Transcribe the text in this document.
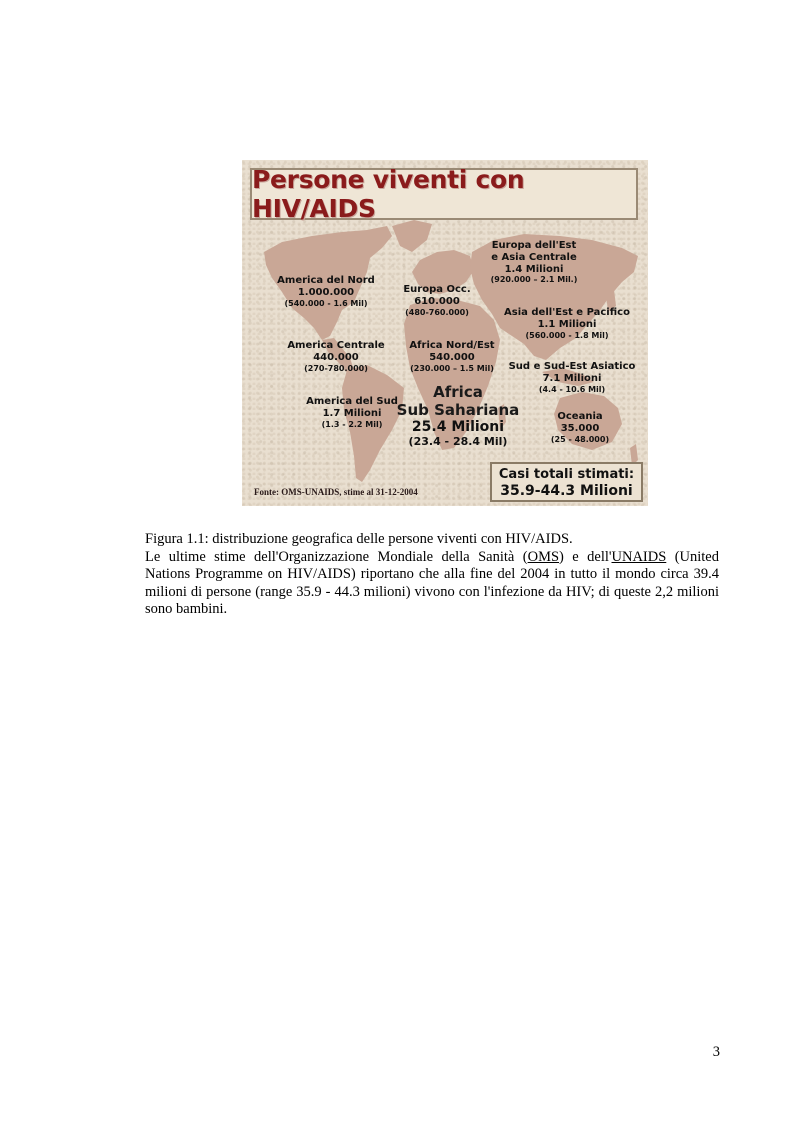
Persone viventi con HIV/AIDS
America del Nord
1.000.000
(540.000 - 1.6 Mil)
America Centrale
440.000
(270-780.000)
America del Sud
1.7 Milioni
(1.3 - 2.2 Mil)
Europa Occ.
610.000
(480-760.000)
Africa Nord/Est
540.000
(230.000 – 1.5 Mil)
Africa
Sub Sahariana
25.4 Milioni
(23.4 - 28.4 Mil)
Europa dell'Est
e Asia Centrale
1.4 Milioni
(920.000 – 2.1 Mil.)
Asia dell'Est e Pacifico
1.1 Milioni
(560.000 - 1.8 Mil)
Sud e Sud-Est Asiatico
7.1 Milioni
(4.4 - 10.6 Mil)
Oceania
35.000
(25 - 48.000)
Fonte: OMS-UNAIDS, stime al 31-12-2004
Casi totali stimati:
35.9-44.3 Milioni

Figura 1.1: distribuzione geografica delle persone viventi con HIV/AIDS.

Le ultime stime dell'Organizzazione Mondiale della Sanità (OMS) e dell'UNAIDS (United Nations Programme on HIV/AIDS) riportano che alla fine del 2004 in tutto il mondo circa 39.4 milioni di persone (range 35.9 - 44.3 milioni) vivono con l'infezione da HIV; di queste 2,2 milioni sono bambini.

3
